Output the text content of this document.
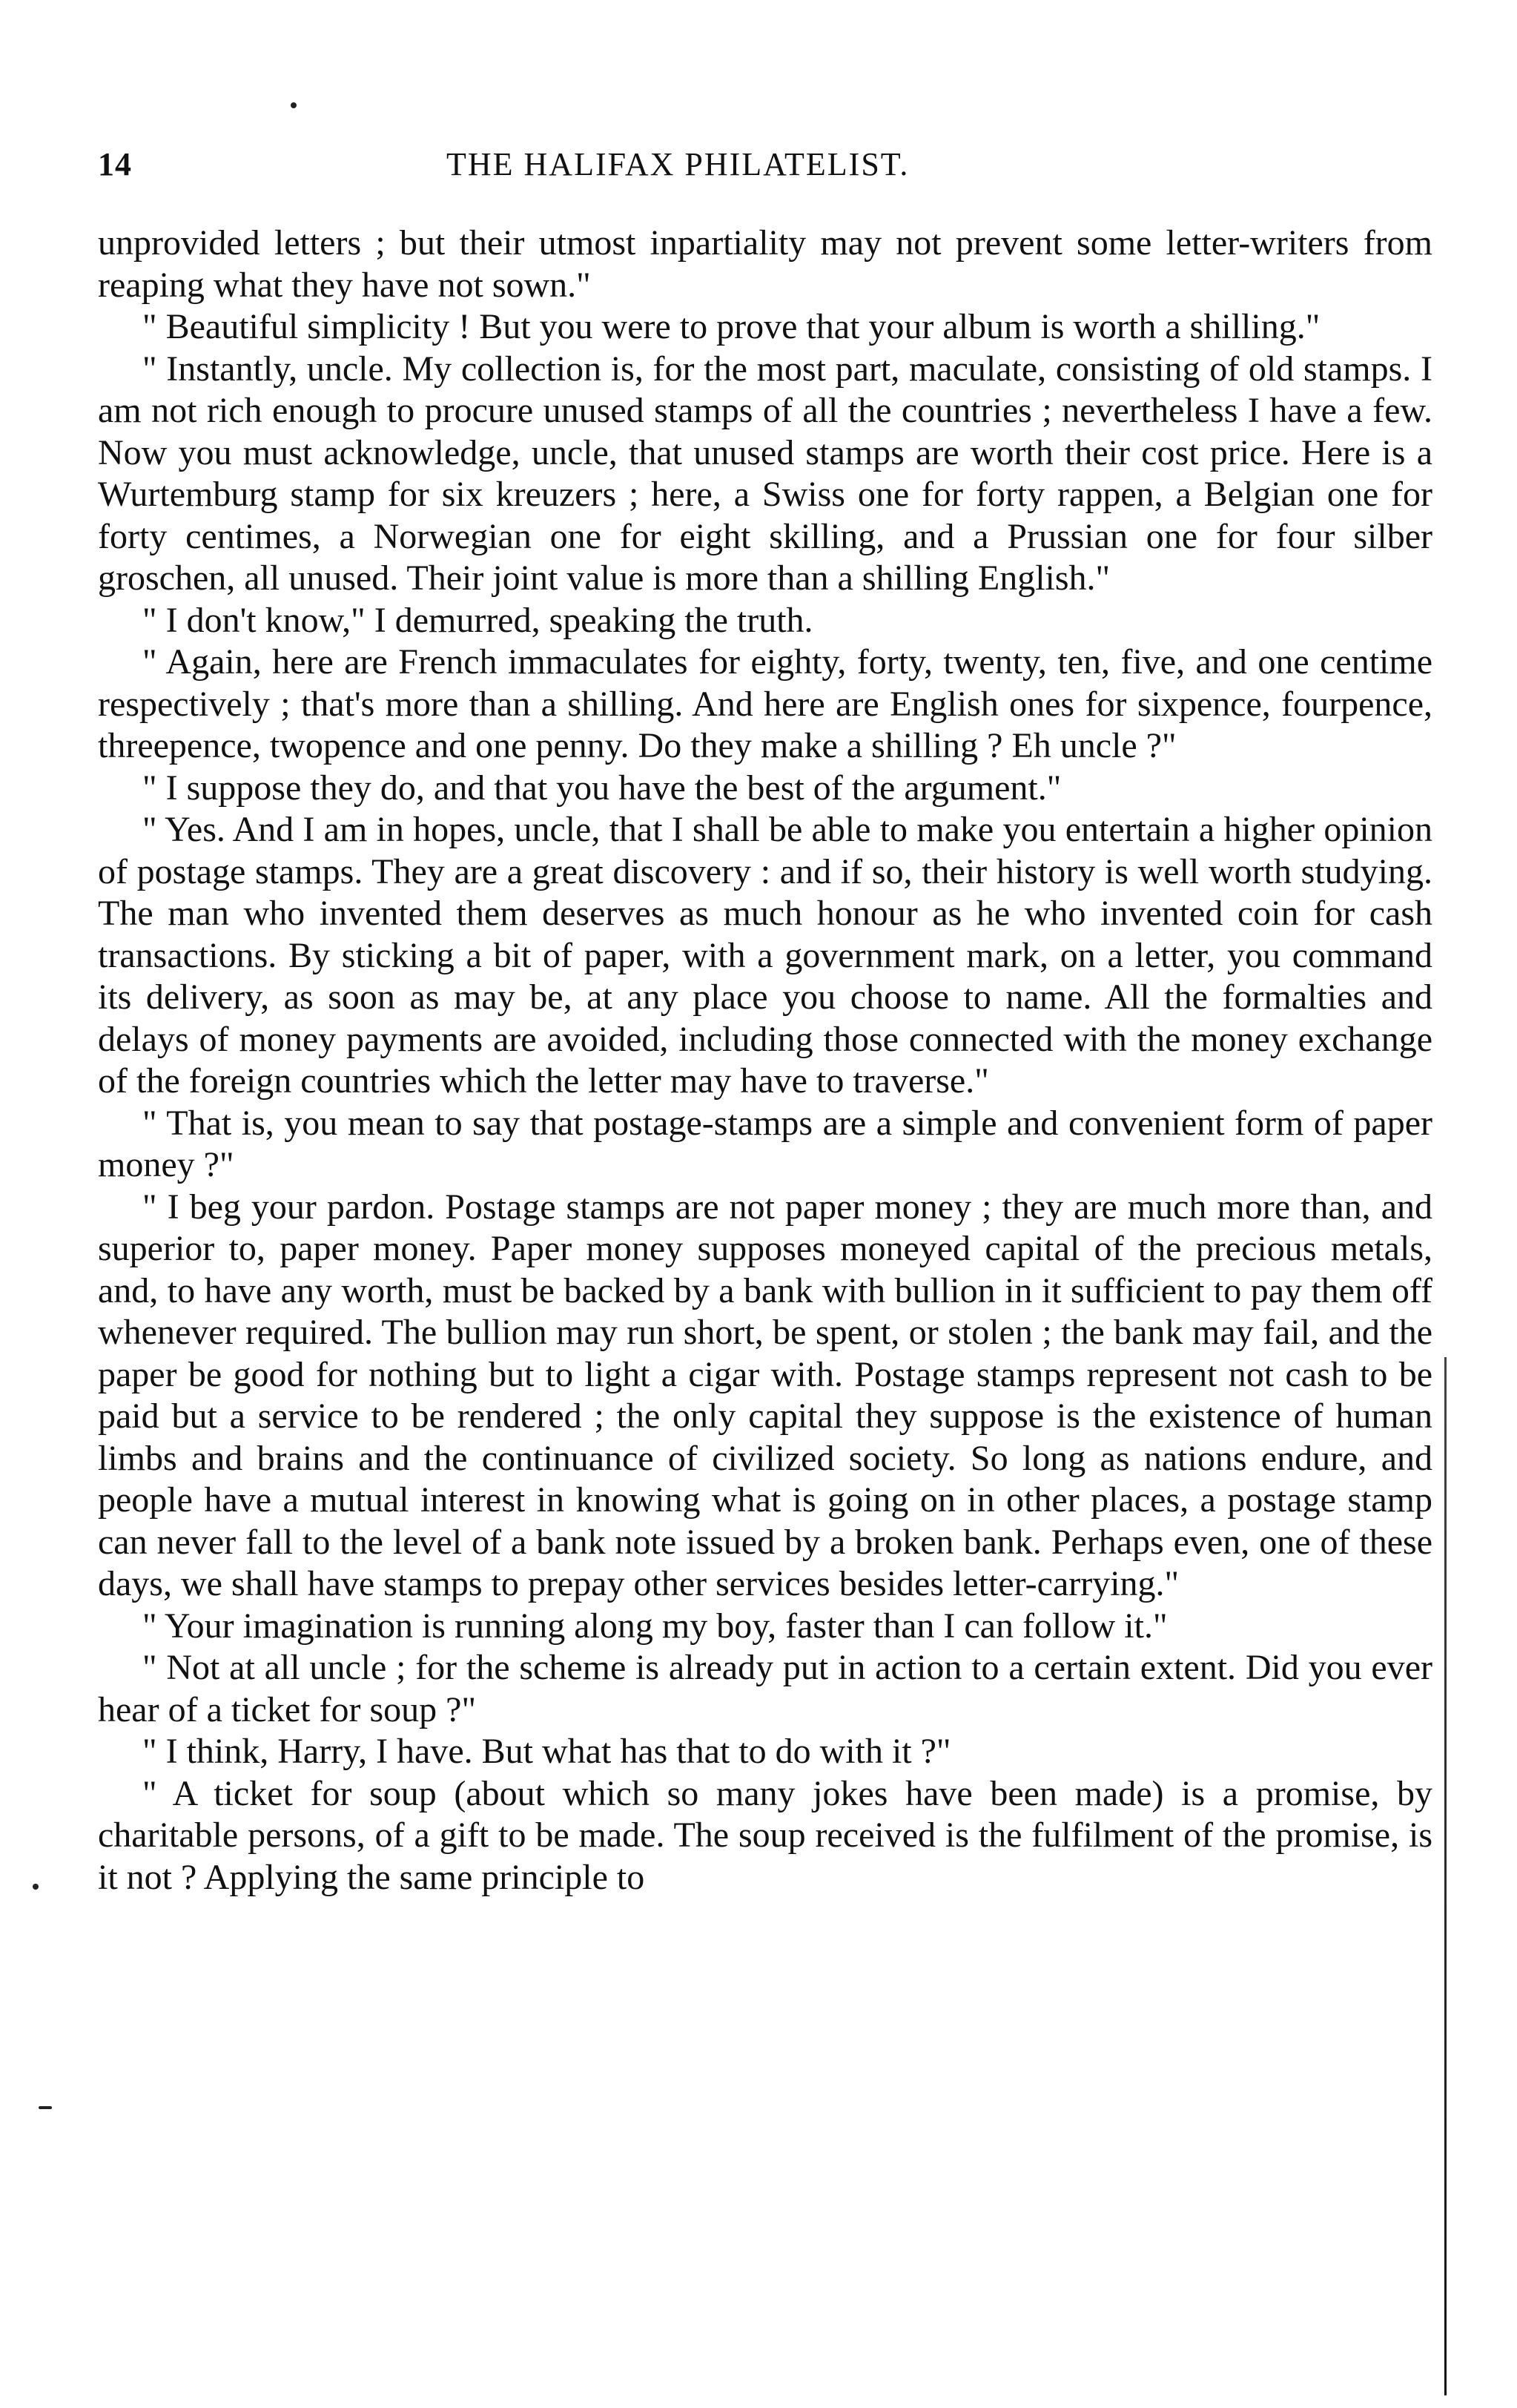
14	THE HALIFAX PHILATELIST.

unprovided letters ; but their utmost inpartiality may not prevent some letter-writers from reaping what they have not sown."

" Beautiful simplicity ! But you were to prove that your album is worth a shilling."

" Instantly, uncle. My collection is, for the most part, maculate, consisting of old stamps. I am not rich enough to procure unused stamps of all the countries ; nevertheless I have a few. Now you must acknowledge, uncle, that unused stamps are worth their cost price. Here is a Wurtemburg stamp for six kreuzers ; here, a Swiss one for forty rappen, a Belgian one for forty centimes, a Norwegian one for eight skilling, and a Prussian one for four silber groschen, all unused. Their joint value is more than a shilling English."

" I don't know," I demurred, speaking the truth.

" Again, here are French immaculates for eighty, forty, twenty, ten, five, and one centime respectively ; that's more than a shilling. And here are English ones for sixpence, fourpence, threepence, twopence and one penny. Do they make a shilling ? Eh uncle ?"

" I suppose they do, and that you have the best of the argument."

" Yes. And I am in hopes, uncle, that I shall be able to make you entertain a higher opinion of postage stamps. They are a great discovery : and if so, their history is well worth studying. The man who invented them deserves as much honour as he who invented coin for cash transactions. By sticking a bit of paper, with a government mark, on a letter, you command its delivery, as soon as may be, at any place you choose to name. All the formalties and delays of money payments are avoided, including those connected with the money exchange of the foreign countries which the letter may have to traverse."

" That is, you mean to say that postage-stamps are a simple and convenient form of paper money ?"

" I beg your pardon. Postage stamps are not paper money ; they are much more than, and superior to, paper money. Paper money supposes moneyed capital of the precious metals, and, to have any worth, must be backed by a bank with bullion in it sufficient to pay them off whenever required. The bullion may run short, be spent, or stolen ; the bank may fail, and the paper be good for nothing but to light a cigar with. Postage stamps represent not cash to be paid but a service to be rendered ; the only capital they suppose is the existence of human limbs and brains and the continuance of civilized society. So long as nations endure, and people have a mutual interest in knowing what is going on in other places, a postage stamp can never fall to the level of a bank note issued by a broken bank. Perhaps even, one of these days, we shall have stamps to prepay other services besides letter-carrying."

" Your imagination is running along my boy, faster than I can follow it."

" Not at all uncle ; for the scheme is already put in action to a certain extent. Did you ever hear of a ticket for soup ?"

" I think, Harry, I have. But what has that to do with it ?"

" A ticket for soup (about which so many jokes have been made) is a promise, by charitable persons, of a gift to be made. The soup received is the fulfilment of the promise, is it not ? Applying the same principle to
